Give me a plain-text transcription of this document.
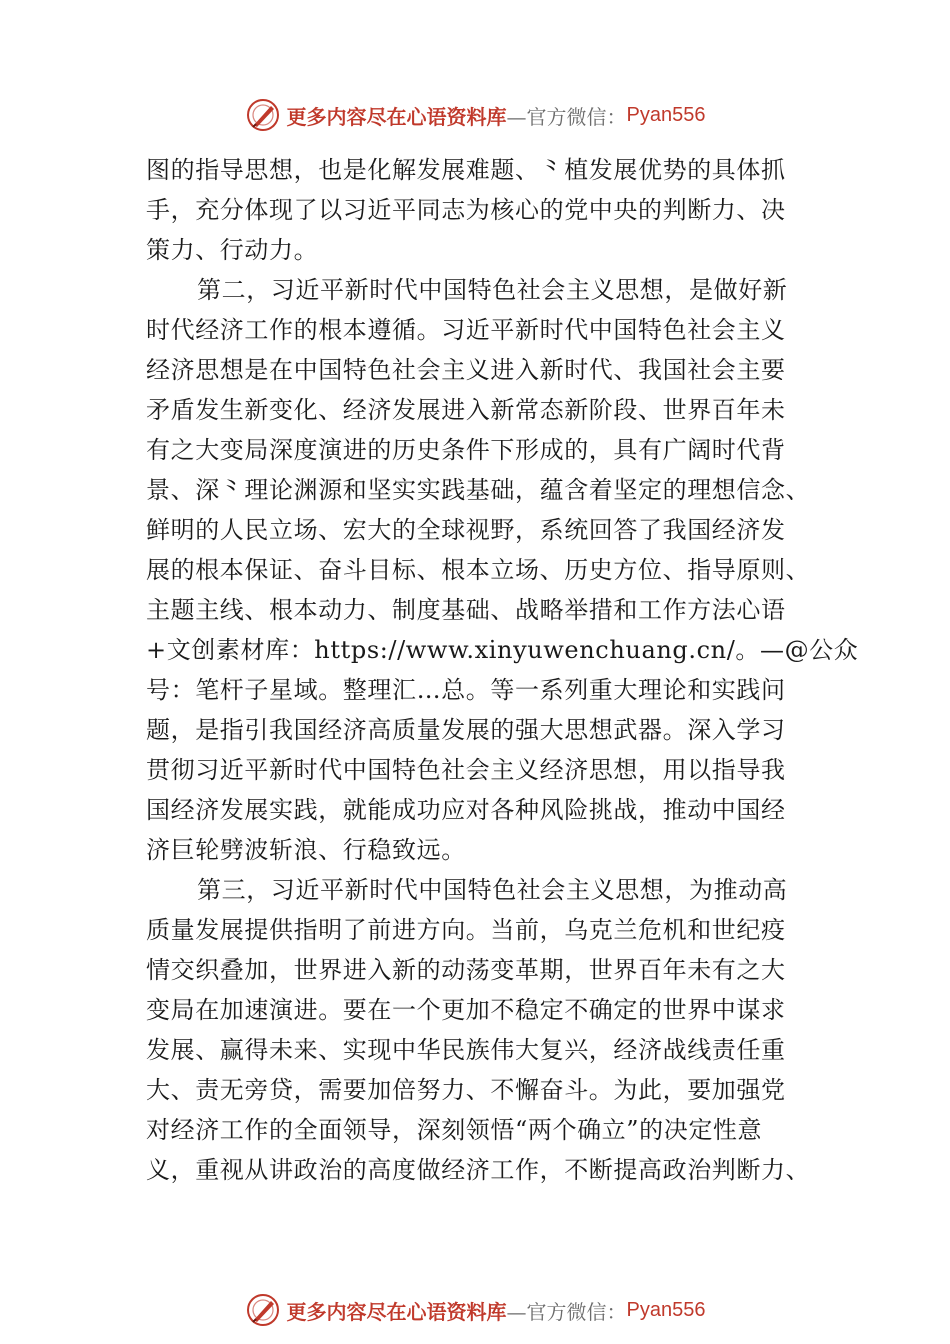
更多内容尽在心语资料库 —官方微信： Pyan556
图的指导思想，也是化解发展难题、⺀植发展优势的具体抓
手，充分体现了以习近平同志为核心的党中央的判断力、决
策力、行动力。
第二，习近平新时代中国特色社会主义思想，是做好新
时代经济工作的根本遵循。习近平新时代中国特色社会主义
经济思想是在中国特色社会主义进入新时代、我国社会主要
矛盾发生新变化、经济发展进入新常态新阶段、世界百年未
有之大变局深度演进的历史条件下形成的，具有广阔时代背
景、深⺀理论渊源和坚实实践基础，蕴含着坚定的理想信念、
鲜明的人民立场、宏大的全球视野，系统回答了我国经济发
展的根本保证、奋斗目标、根本立场、历史方位、指导原则、
主题主线、根本动力、制度基础、战略举措和工作方法心语
+文创素材库：https://www.xinyuwenchuang.cn/。—@公众
号：笔杆子星域。整理汇…总。等一系列重大理论和实践问
题，是指引我国经济高质量发展的强大思想武器。深入学习
贯彻习近平新时代中国特色社会主义经济思想，用以指导我
国经济发展实践，就能成功应对各种风险挑战，推动中国经
济巨轮劈波斩浪、行稳致远。
第三，习近平新时代中国特色社会主义思想，为推动高
质量发展提供指明了前进方向。当前，乌克兰危机和世纪疫
情交织叠加，世界进入新的动荡变革期，世界百年未有之大
变局在加速演进。要在一个更加不稳定不确定的世界中谋求
发展、赢得未来、实现中华民族伟大复兴，经济战线责任重
大、责无旁贷，需要加倍努力、不懈奋斗。为此，要加强党
对经济工作的全面领导，深刻领悟“两个确立”的决定性意
义，重视从讲政治的高度做经济工作，不断提高政治判断力、
更多内容尽在心语资料库 —官方微信： Pyan556
